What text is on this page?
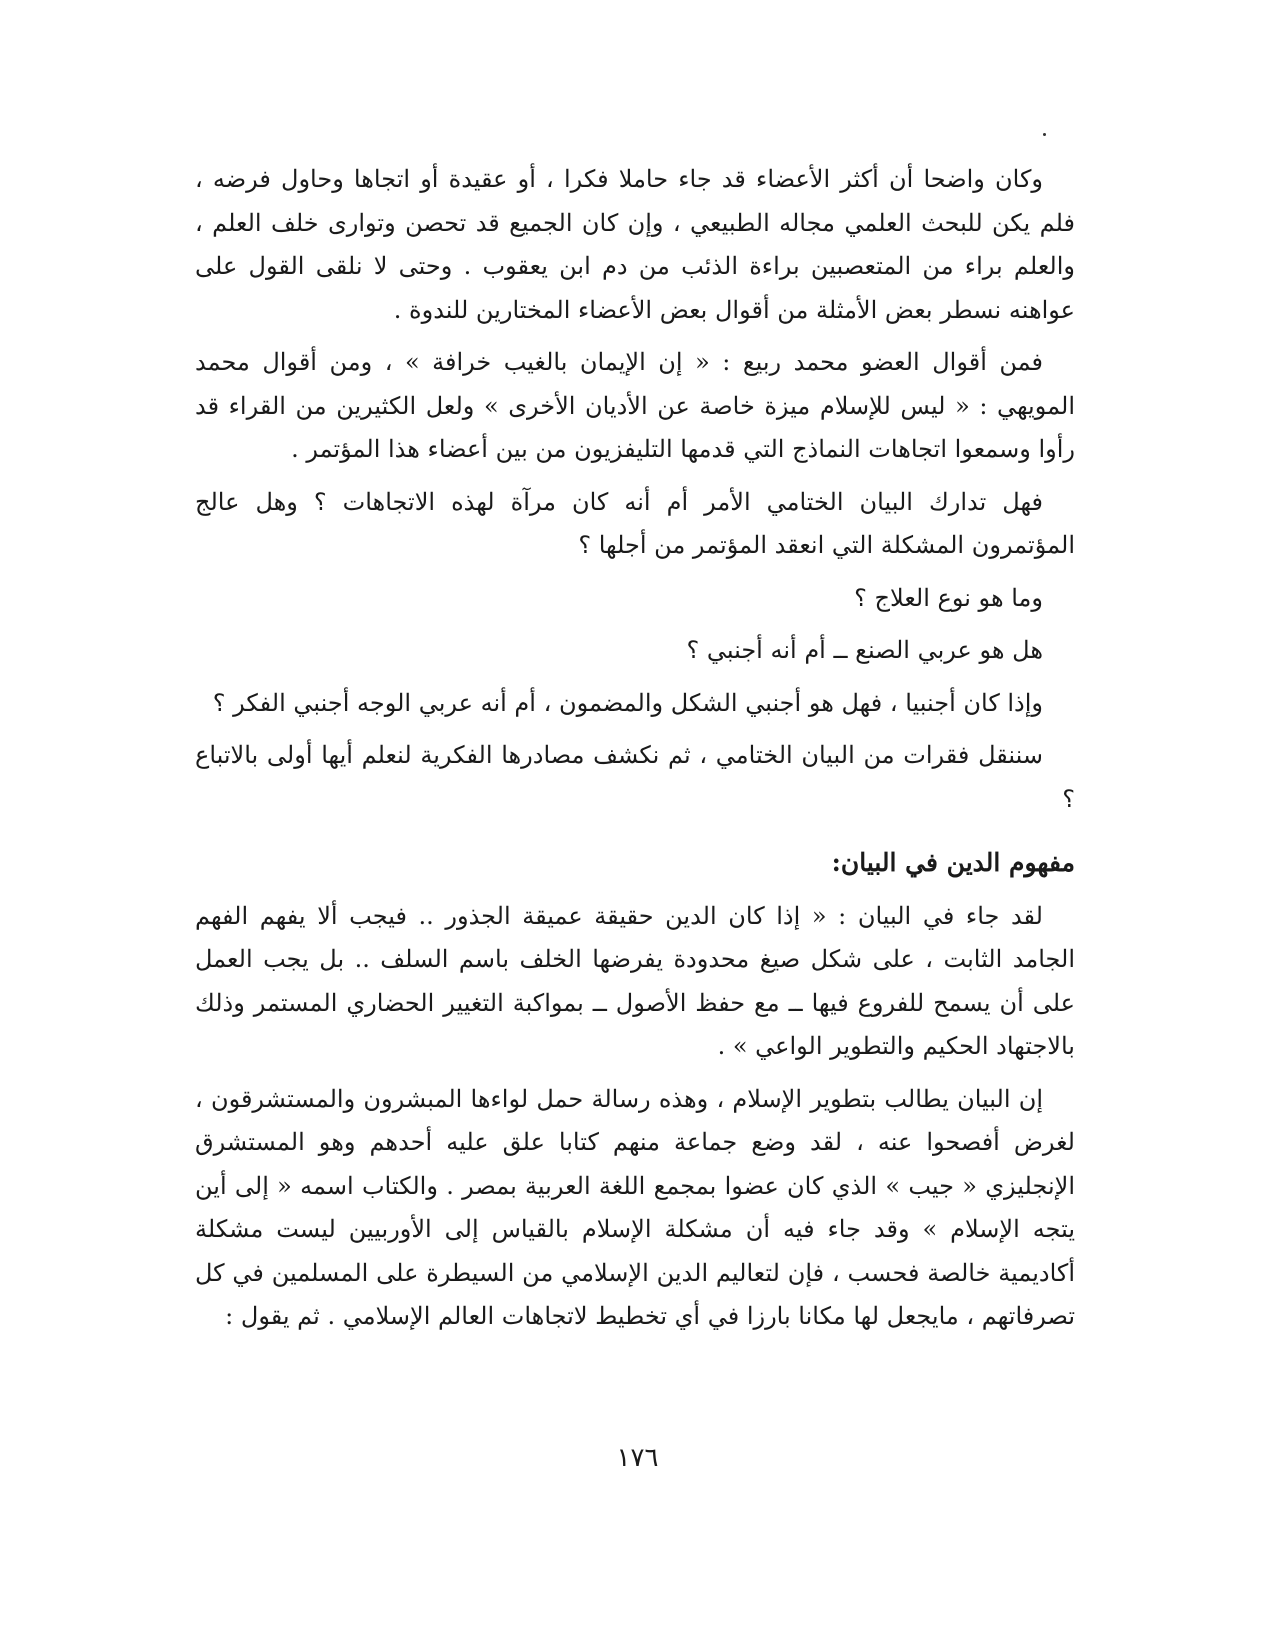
وكان واضحا أن أكثر الأعضاء قد جاء حاملا فكرا ، أو عقيدة أو اتجاها وحاول فرضه ، فلم يكن للبحث العلمي مجاله الطبيعي ، وإن كان الجميع قد تحصن وتوارى خلف العلم ، والعلم براء من المتعصبين براءة الذئب من دم ابن يعقوب . وحتى لا نلقى القول على عواهنه نسطر بعض الأمثلة من أقوال بعض الأعضاء المختارين للندوة .

فمن أقوال العضو محمد ربيع : « إن الإيمان بالغيب خرافة » ، ومن أقوال محمد المويهي : « ليس للإسلام ميزة خاصة عن الأديان الأخرى » ولعل الكثيرين من القراء قد رأوا وسمعوا اتجاهات النماذج التي قدمها التليفزيون من بين أعضاء هذا المؤتمر .

فهل تدارك البيان الختامي الأمر أم أنه كان مرآة لهذه الاتجاهات ؟ وهل عالج المؤتمرون المشكلة التي انعقد المؤتمر من أجلها ؟

وما هو نوع العلاج ؟

هل هو عربي الصنع ــ أم أنه أجنبي ؟

وإذا كان أجنبيا ، فهل هو أجنبي الشكل والمضمون ، أم أنه عربي الوجه أجنبي الفكر ؟

سننقل فقرات من البيان الختامي ، ثم نكشف مصادرها الفكرية لنعلم أيها أولى بالاتباع ؟

مفهوم الدين في البيان:

لقد جاء في البيان : « إذا كان الدين حقيقة عميقة الجذور .. فيجب ألا يفهم الفهم الجامد الثابت ، على شكل صيغ محدودة يفرضها الخلف باسم السلف .. بل يجب العمل على أن يسمح للفروع فيها ــ مع حفظ الأصول ــ بمواكبة التغيير الحضاري المستمر وذلك بالاجتهاد الحكيم والتطوير الواعي » .

إن البيان يطالب بتطوير الإسلام ، وهذه رسالة حمل لواءها المبشرون والمستشرقون ، لغرض أفصحوا عنه ، لقد وضع جماعة منهم كتابا علق عليه أحدهم وهو المستشرق الإنجليزي « جيب » الذي كان عضوا بمجمع اللغة العربية بمصر . والكتاب اسمه « إلى أين يتجه الإسلام » وقد جاء فيه أن مشكلة الإسلام بالقياس إلى الأوربيين ليست مشكلة أكاديمية خالصة فحسب ، فإن لتعاليم الدين الإسلامي من السيطرة على المسلمين في كل تصرفاتهم ، مايجعل لها مكانا بارزا في أي تخطيط لاتجاهات العالم الإسلامي . ثم يقول :

١٧٦
